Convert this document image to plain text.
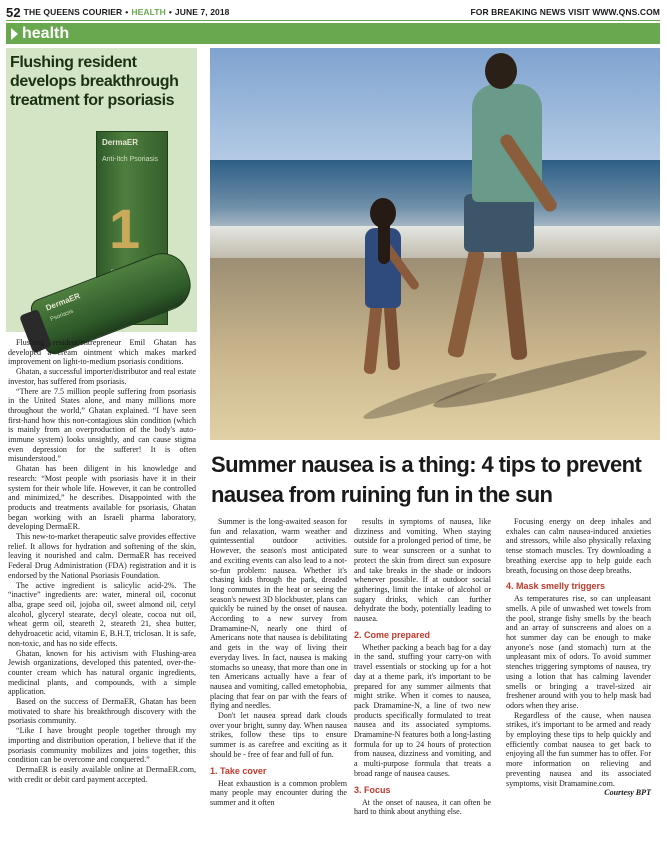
52 THE QUEENS COURIER • HEALTH • JUNE 7, 2018	FOR BREAKING NEWS VISIT WWW.QNS.COM
health
Flushing resident develops breakthrough treatment for psoriasis
DermaER
Anti-Itch Psoriasis
1
DermaER
Psoriasis

Flushing resident/entrepreneur Emil Ghatan has developed a cream ointment which makes marked improvement on light-to-medium psoriasis conditions.

Ghatan, a successful importer/distributor and real estate investor, has suffered from psoriasis.

“There are 7.5 million people suffering from psoriasis in the United States alone, and many millions more throughout the world,” Ghatan explained. “I have seen first-hand how this non-contagious skin condition (which is mainly from an overproduction of the body's auto-immune system) looks unsightly, and can cause stigma even depression for the sufferer! It is often misunderstood.”

Ghatan has been diligent in his knowledge and research: “Most people with psoriasis have it in their system for their whole life. However, it can be controlled and minimized,” he describes. Disappointed with the products and treatments available for psoriasis, Ghatan began working with an Israeli pharma laboratory, developing DermaER.

This new-to-market therapeutic salve provides effective relief. It allows for hydration and softening of the skin, leaving it nourished and calm. DermaER has received Federal Drug Administration (FDA) registration and it is endorsed by the National Psoriasis Foundation.

The active ingredient is salicylic acid-2%. The “inactive” ingredients are: water, mineral oil, coconut alba, grape seed oil, jojoba oil, sweet almond oil, cetyl alcohol, glyceryl stearate, decyl oleate, cocoa nut oil, wheat germ oil, steareth 2, steareth 21, shea butter, dehydroacetic acid, vitamin E, B.H.T, triclosan. It is safe, non-toxic, and has no side effects.

Ghatan, known for his activism with Flushing-area Jewish organizations, developed this patented, over-the-counter cream which has natural organic ingredients, medicinal plants, and compounds, with a simple application.

Based on the success of DermaER, Ghatan has been motivated to share his breakthrough discovery with the psoriasis community.

“Like I have brought people together through my importing and distribution operation, I believe that if the psoriasis community mobilizes and joins together, this condition can be overcome and conquered.”

DermaER is easily available online at DermaER.com, with credit or debit card payment accepted.

Summer nausea is a thing: 4 tips to prevent nausea from ruining fun in the sun

Summer is the long-awaited season for fun and relaxation, warm weather and quintessential outdoor activities. However, the season's most anticipated and exciting events can also lead to a not-so-fun problem: nausea. Whether it's chasing kids through the park, dreaded long commutes in the heat or seeing the season's newest 3D blockbuster, plans can quickly be ruined by the onset of nausea. According to a new survey from Dramamine-N, nearly one third of Americans note that nausea is debilitating and gets in the way of living their everyday lives. In fact, nausea is making stomachs so uneasy, that more than one in ten Americans actually have a fear of nausea and vomiting, called emetophobia, placing that fear on par with the fears of flying and needles.

Don't let nausea spread dark clouds over your bright, sunny day. When nausea strikes, follow these tips to ensure summer is as carefree and exciting as it should be - free of fear and full of fun.

1. Take cover

Heat exhaustion is a common problem many people may encounter during the summer and it often

results in symptoms of nausea, like dizziness and vomiting. When staying outside for a prolonged period of time, be sure to wear sunscreen or a sunhat to protect the skin from direct sun exposure and take breaks in the shade or indoors whenever possible. If at outdoor social gatherings, limit the intake of alcohol or sugary drinks, which can further dehydrate the body, potentially leading to nausea.

2. Come prepared

Whether packing a beach bag for a day in the sand, stuffing your carry-on with travel essentials or stocking up for a hot day at a theme park, it's important to be prepared for any summer ailments that might strike. When it comes to nausea, pack Dramamine-N, a line of two new products specifically formulated to treat nausea and its associated symptoms. Dramamine-N features both a long-lasting formula for up to 24 hours of protection from nausea, dizziness and vomiting, and a multi-purpose formula that treats a broad range of nausea causes.

3. Focus

At the onset of nausea, it can often be hard to think about anything else.

Focusing energy on deep inhales and exhales can calm nausea-induced anxieties and stressors, while also physically relaxing tense stomach muscles. Try downloading a breathing exercise app to help guide each breath, focusing on those deep breaths.

4. Mask smelly triggers

As temperatures rise, so can unpleasant smells. A pile of unwashed wet towels from the pool, strange fishy smells by the beach and an array of sunscreens and aloes on a hot summer day can be enough to make anyone's nose (and stomach) turn at the unpleasant mix of odors. To avoid summer stenches triggering symptoms of nausea, try using a lotion that has calming lavender smells or bringing a travel-sized air freshener around with you to help mask bad odors when they arise.

Regardless of the cause, when nausea strikes, it's important to be armed and ready by employing these tips to help quickly and efficiently combat nausea to get back to enjoying all the fun summer has to offer. For more information on relieving and preventing nausea and its associated symptoms, visit Dramamine.com.

Courtesy BPT
